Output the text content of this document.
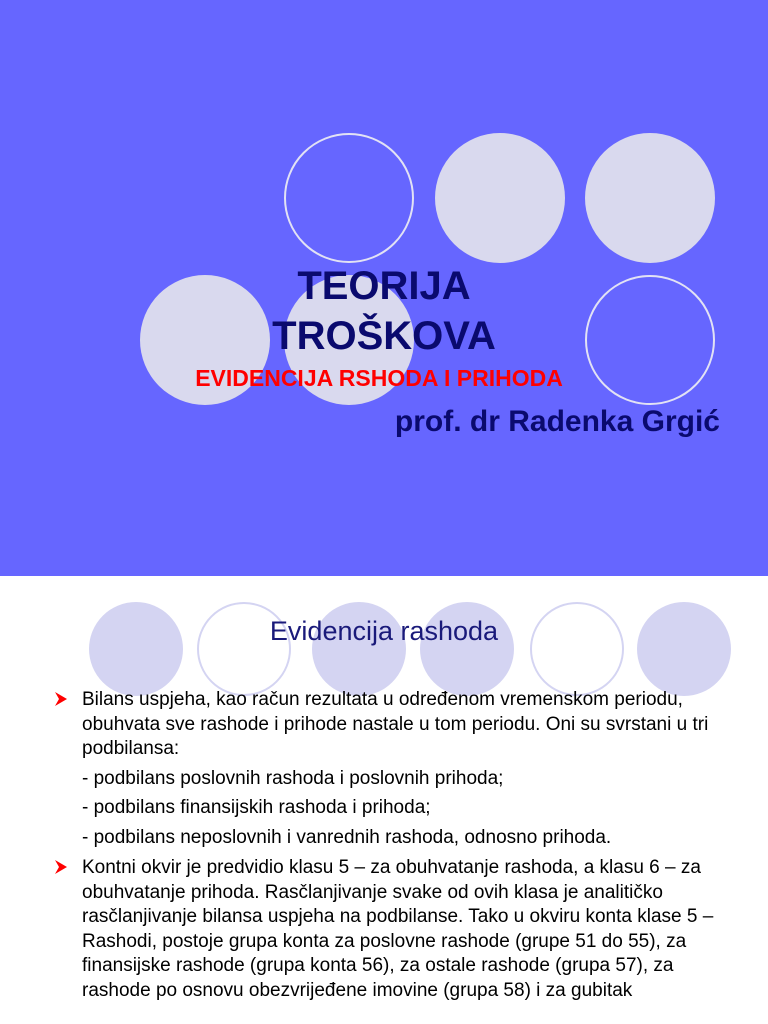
TEORIJA
TROŠKOVA
EVIDENCIJA RSHODA I PRIHODA
prof. dr Radenka Grgić
Evidencija rashoda
Bilans uspjeha, kao račun rezultata u određenom vremenskom periodu, obuhvata sve rashode i prihode nastale u tom periodu. Oni su svrstani u tri podbilansa:
- podbilans poslovnih rashoda i poslovnih prihoda;
- podbilans finansijskih rashoda i prihoda;
- podbilans neposlovnih i vanrednih rashoda, odnosno prihoda.
Kontni okvir je predvidio klasu 5 – za obuhvatanje rashoda, a klasu 6 – za obuhvatanje prihoda. Rasčlanjivanje svake od ovih klasa je analitičko rasčlanjivanje bilansa uspjeha na podbilanse. Tako u okviru konta klase 5 – Rashodi, postoje grupa konta za poslovne rashode (grupe 51 do 55), za finansijske rashode (grupa konta 56), za ostale rashode (grupa 57), za rashode po osnovu obezvrijeđene imovine (grupa 58) i za gubitak
